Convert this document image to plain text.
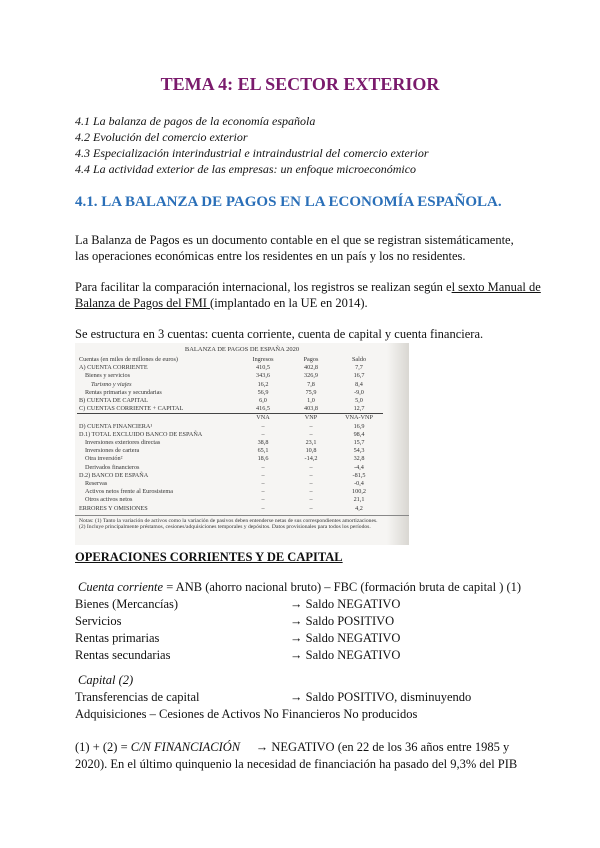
TEMA 4: EL SECTOR EXTERIOR
4.1 La balanza de pagos de la economía española
4.2 Evolución del comercio exterior
4.3 Especialización interindustrial e intraindustrial del comercio exterior
4.4 La actividad exterior de las empresas: un enfoque microeconómico
4.1. LA BALANZA DE PAGOS EN LA ECONOMÍA ESPAÑOLA.
La Balanza de Pagos es un documento contable en el que se registran sistemáticamente,
las operaciones económicas entre los residentes en un país y los no residentes.
Para facilitar la comparación internacional, los registros se realizan según el sexto Manual de
Balanza de Pagos del FMI (implantado en la UE en 2014).
Se estructura en 3 cuentas: cuenta corriente, cuenta de capital y cuenta financiera.
BALANZA DE PAGOS DE ESPAÑA 2020
Cuentas (en miles de millones de euros)	Ingresos	Pagos	Saldo
A) CUENTA CORRIENTE	410,5	402,8	7,7
Bienes y servicios	343,6	326,9	16,7
Turismo y viajes	16,2	7,8	8,4
Rentas primarias y secundarias	56,9	75,9	-9,0
B) CUENTA DE CAPITAL	6,0	1,0	5,0
C) CUENTAS CORRIENTE + CAPITAL	416,5	403,8	12,7
	VNA	VNP	VNA-VNP
D) CUENTA FINANCIERA¹	–	–	16,9
D.1) TOTAL EXCLUIDO BANCO DE ESPAÑA	–	–	98,4
Inversiones exteriores directas	38,8	23,1	15,7
Inversiones de cartera	65,1	10,8	54,3
Otra inversión²	18,6	-14,2	32,8
Derivados financieros	–	–	-4,4
D.2) BANCO DE ESPAÑA	–	–	-81,5
Reservas	–	–	-0,4
Activos netos frente al Eurosistema	–	–	100,2
Otros activos netos	–	–	21,1
ERRORES Y OMISIONES	–	–	4,2
Notas: (1) Tanto la variación de activos como la variación de pasivos deben entenderse netas de sus correspondientes amortizaciones. (2) Incluye principalmente préstamos, cesiones/adquisiciones temporales y depósitos. Datos provisionales para todos los períodos.
OPERACIONES CORRIENTES Y DE CAPITAL
Cuenta corriente = ANB (ahorro nacional bruto) – FBC (formación bruta de capital ) (1)
Bienes (Mercancías)	→ Saldo NEGATIVO
Servicios	→ Saldo POSITIVO
Rentas primarias	→ Saldo NEGATIVO
Rentas secundarias	→ Saldo NEGATIVO
Capital (2)
Transferencias de capital	→ Saldo POSITIVO, disminuyendo
Adquisiciones – Cesiones de Activos No Financieros No producidos
(1) + (2) = C/N FINANCIACIÓN     → NEGATIVO (en 22 de los 36 años entre 1985 y
2020). En el último quinquenio la necesidad de financiación ha pasado del 9,3% del PIB
